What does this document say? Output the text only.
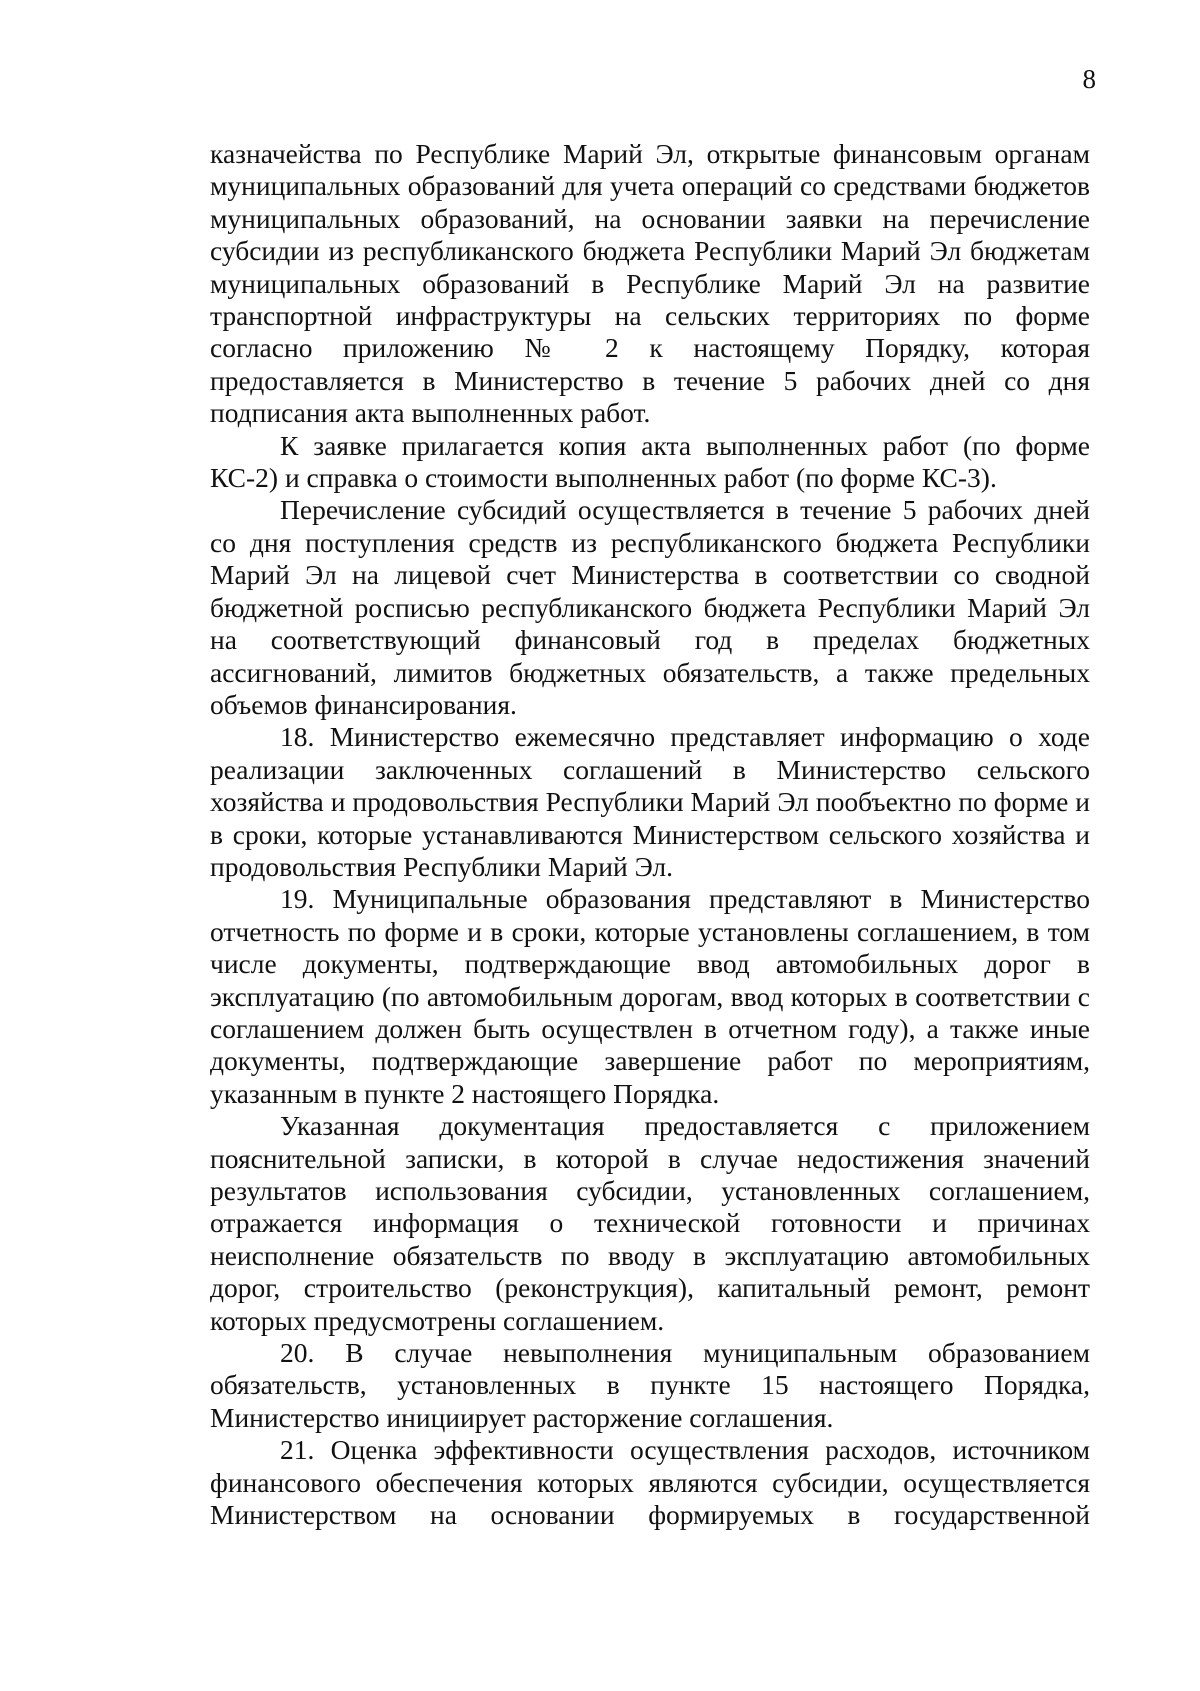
8

казначейства по Республике Марий Эл, открытые финансовым органам муниципальных образований для учета операций со средствами бюджетов муниципальных образований, на основании заявки на перечисление субсидии из республиканского бюджета Республики Марий Эл бюджетам муниципальных образований в Республике Марий Эл на развитие транспортной инфраструктуры на сельских территориях по форме согласно приложению № 2 к настоящему Порядку, которая предоставляется в Министерство в течение 5 рабочих дней со дня подписания акта выполненных работ.

К заявке прилагается копия акта выполненных работ (по форме КС-2) и справка о стоимости выполненных работ (по форме КС-3).

Перечисление субсидий осуществляется в течение 5 рабочих дней со дня поступления средств из республиканского бюджета Республики Марий Эл на лицевой счет Министерства в соответствии со сводной бюджетной росписью республиканского бюджета Республики Марий Эл на соответствующий финансовый год в пределах бюджетных ассигнований, лимитов бюджетных обязательств, а также предельных объемов финансирования.

18. Министерство ежемесячно представляет информацию о ходе реализации заключенных соглашений в Министерство сельского хозяйства и продовольствия Республики Марий Эл пообъектно по форме и в сроки, которые устанавливаются Министерством сельского хозяйства и продовольствия Республики Марий Эл.

19. Муниципальные образования представляют в Министерство отчетность по форме и в сроки, которые установлены соглашением, в том числе документы, подтверждающие ввод автомобильных дорог в эксплуатацию (по автомобильным дорогам, ввод которых в соответствии с соглашением должен быть осуществлен в отчетном году), а также иные документы, подтверждающие завершение работ по мероприятиям, указанным в пункте 2 настоящего Порядка.

Указанная документация предоставляется с приложением пояснительной записки, в которой в случае недостижения значений результатов использования субсидии, установленных соглашением, отражается информация о технической готовности и причинах неисполнение обязательств по вводу в эксплуатацию автомобильных дорог, строительство (реконструкция), капитальный ремонт, ремонт которых предусмотрены соглашением.

20. В случае невыполнения муниципальным образованием обязательств, установленных в пункте 15 настоящего Порядка, Министерство инициирует расторжение соглашения.

21. Оценка эффективности осуществления расходов, источником финансового обеспечения которых являются субсидии, осуществляется Министерством на основании формируемых в государственной
